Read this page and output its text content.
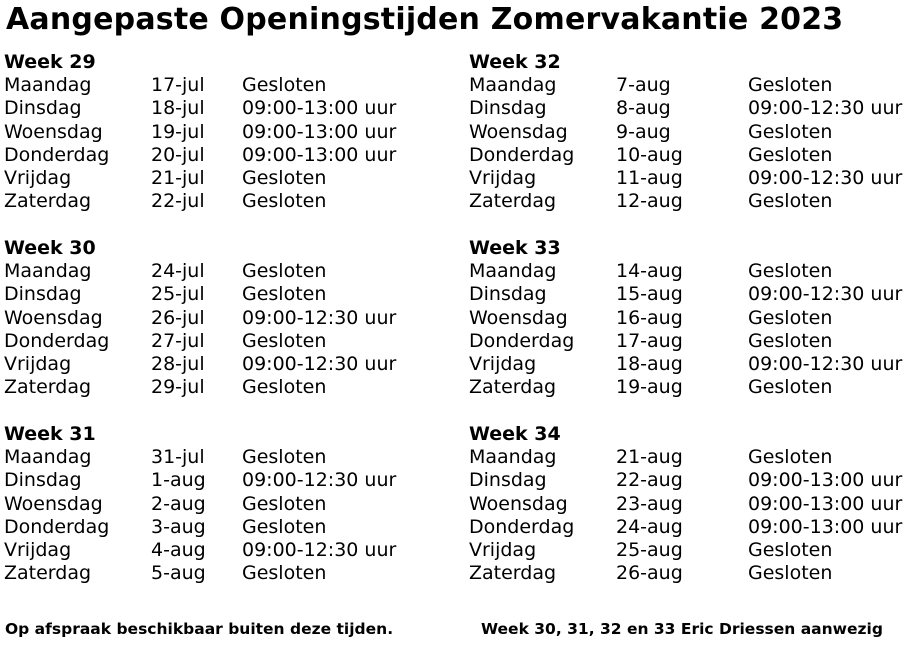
Aangepaste Openingstijden Zomervakantie 2023
Week 29
Maandag	17-jul Gesloten
Dinsdag	18-jul 09:00-13:00 uur
Woensdag	19-jul 09:00-13:00 uur
Donderdag 20-jul 09:00-13:00 uur
Vrijdag	21-jul Gesloten
Zaterdag	22-jul Gesloten
Week 30
Maandag	24-jul Gesloten
Dinsdag	25-jul Gesloten
Woensdag	26-jul 09:00-12:30 uur
Donderdag 27-jul Gesloten
Vrijdag	28-jul 09:00-12:30 uur
Zaterdag	29-jul Gesloten
Week 31
Maandag	31-jul Gesloten
Dinsdag	1-aug 09:00-12:30 uur
Woensdag	2-aug Gesloten
Donderdag 3-aug Gesloten
Vrijdag	4-aug 09:00-12:30 uur
Zaterdag	5-aug Gesloten
Week 32
Maandag	7-aug	Gesloten
Dinsdag	8-aug	09:00-12:30 uur
Woensdag	9-aug	Gesloten
Donderdag 10-aug	Gesloten
Vrijdag	11-aug	09:00-12:30 uur
Zaterdag	12-aug	Gesloten
Week 33
Maandag	14-aug	Gesloten
Dinsdag	15-aug	09:00-12:30 uur
Woensdag	16-aug	Gesloten
Donderdag 17-aug	Gesloten
Vrijdag	18-aug	09:00-12:30 uur
Zaterdag	19-aug	Gesloten
Week 34
Maandag	21-aug	Gesloten
Dinsdag	22-aug	09:00-13:00 uur
Woensdag	23-aug	09:00-13:00 uur
Donderdag 24-aug	09:00-13:00 uur
Vrijdag	25-aug	Gesloten
Zaterdag	26-aug	Gesloten
Op afspraak beschikbaar buiten deze tijden.	Week 30, 31, 32 en 33 Eric Driessen aanwezig
